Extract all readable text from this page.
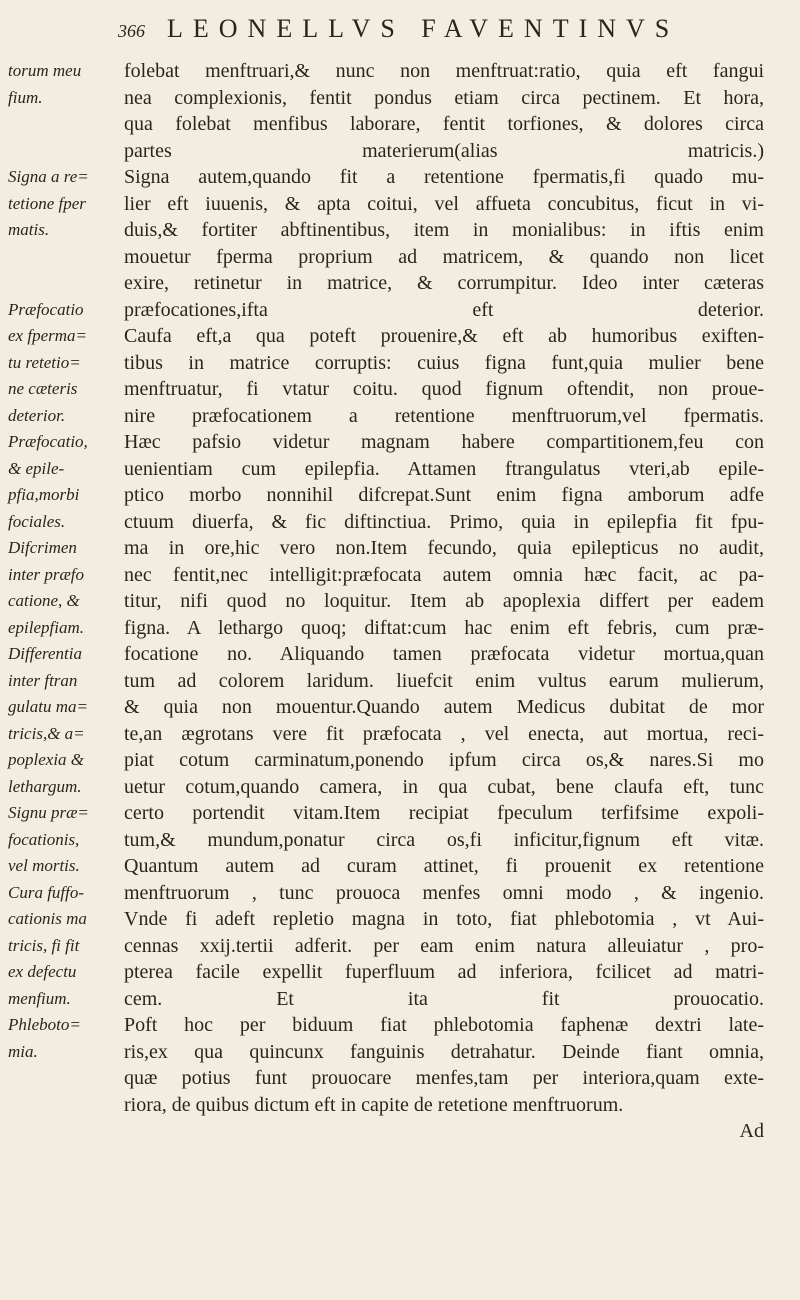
366 LEONELLVS FAVENTINVS
torum meu	folebat menftruari,& nunc non menftruat:ratio, quia eft fangui
fium.	nea complexionis, fentit pondus etiam circa pectinem. Et hora,
qua folebat menfibus laborare, fentit torfiones, & dolores circa
partes materierum(alias matricis.)
Signa a re=	Signa autem,quando fit a retentione fpermatis,fi quado mu-
tetione fper	lier eft iuuenis, & apta coitui, vel affueta concubitus, ficut in vi-
matis.	duis,& fortiter abftinentibus, item in monialibus: in iftis enim
mouetur fperma proprium ad matricem, & quando non licet
exire, retinetur in matrice, & corrumpitur. Ideo inter cæteras
Præfocatio	præfocationes,ifta eft deterior.
ex fperma=	Caufa eft,a qua poteft prouenire,& eft ab humoribus exiften-
tu retetio=	tibus in matrice corruptis: cuius figna funt,quia mulier bene
ne cæteris	menftruatur, fi vtatur coitu. quod fignum oftendit, non proue-
deterior.	nire præfocationem a retentione menftruorum,vel fpermatis.
Præfocatio,	Hæc pafsio videtur magnam habere compartitionem,feu con
& epile-	uenientiam cum epilepfia. Attamen ftrangulatus vteri,ab epile-
pfia,morbi	ptico morbo nonnihil difcrepat.Sunt enim figna amborum adfe
fociales.	ctuum diuerfa, & fic diftinctiua. Primo, quia in epilepfia fit fpu-
Difcrimen	ma in ore,hic vero non.Item fecundo, quia epilepticus no audit,
inter præfo	nec fentit,nec intelligit:præfocata autem omnia hæc facit, ac pa-
catione, &	titur, nifi quod no loquitur. Item ab apoplexia differt per eadem
epilepfiam.	figna. A lethargo quoq; diftat:cum hac enim eft febris, cum præ-
Differentia	focatione no. Aliquando tamen præfocata videtur mortua,quan
inter ftran	tum ad colorem laridum. liuefcit enim vultus earum mulierum,
gulatu ma=	& quia non mouentur.Quando autem Medicus dubitat de mor
tricis,& a=	te,an ægrotans vere fit præfocata , vel enecta, aut mortua, reci-
poplexia &	piat cotum carminatum,ponendo ipfum circa os,& nares.Si mo
lethargum.	uetur cotum,quando camera, in qua cubat, bene claufa eft, tunc
Signu præ=	certo portendit vitam.Item recipiat fpeculum terfifsime expoli-
focationis,	tum,& mundum,ponatur circa os,fi inficitur,fignum eft vitæ.
vel mortis.	Quantum autem ad curam attinet, fi prouenit ex retentione
Cura fuffo-	menftruorum , tunc prouoca menfes omni modo , & ingenio.
cationis ma	Vnde fi adeft repletio magna in toto, fiat phlebotomia , vt Aui-
tricis, fi fit	cennas xxij.tertii adferit. per eam enim natura alleuiatur , pro-
ex defectu	pterea facile expellit fuperfluum ad inferiora, fcilicet ad matri-
menfium.	cem. Et ita fit prouocatio.
Phleboto=	Poft hoc per biduum fiat phlebotomia faphenæ dextri late-
mia.	ris,ex qua quincunx fanguinis detrahatur. Deinde fiant omnia,
quæ potius funt prouocare menfes,tam per interiora,quam exte-
riora, de quibus dictum eft in capite de retetione menftruorum.
Ad
